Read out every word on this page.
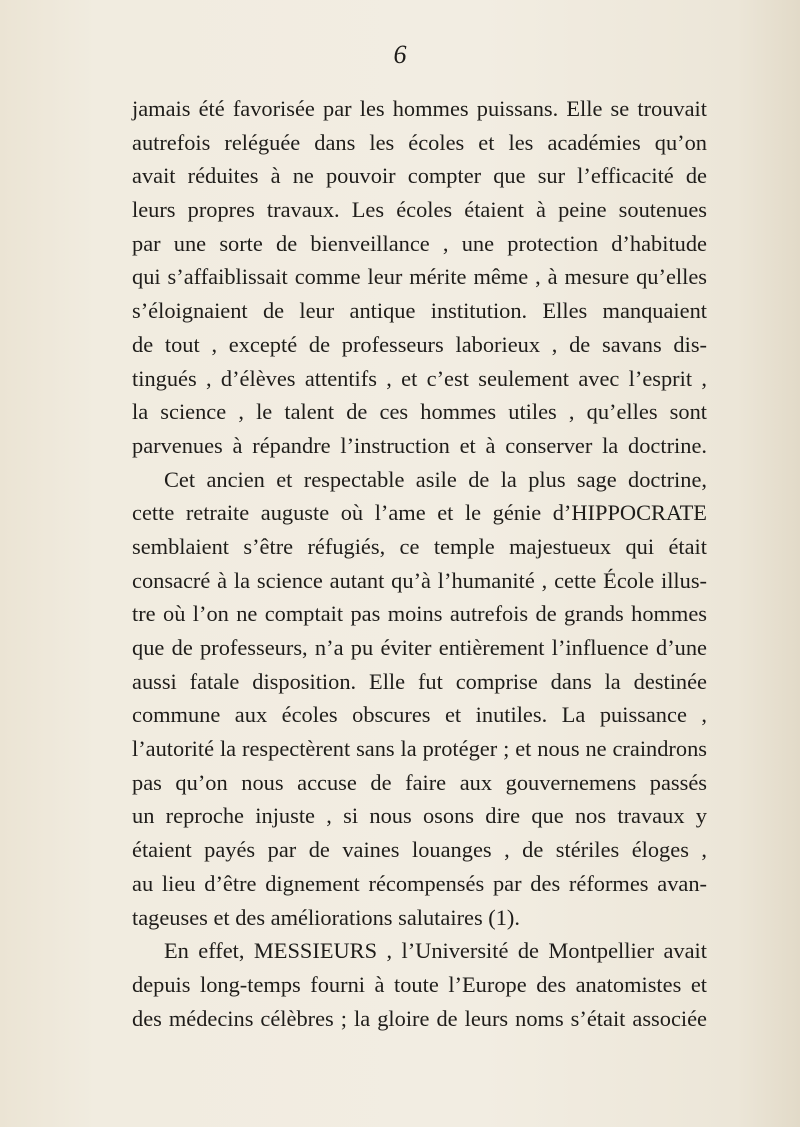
6
jamais été favorisée par les hommes puissans. Elle se trouvait
autrefois reléguée dans les écoles et les académies qu’on
avait réduites à ne pouvoir compter que sur l’efficacité de
leurs propres travaux. Les écoles étaient à peine soutenues
par une sorte de bienveillance , une protection d’habitude
qui s’affaiblissait comme leur mérite même , à mesure qu’elles
s’éloignaient de leur antique institution. Elles manquaient
de tout , excepté de professeurs laborieux , de savans dis-
tingués , d’élèves attentifs , et c’est seulement avec l’esprit ,
la science , le talent de ces hommes utiles , qu’elles sont
parvenues à répandre l’instruction et à conserver la doctrine.
Cet ancien et respectable asile de la plus sage doctrine,
cette retraite auguste où l’ame et le génie d’HIPPOCRATE
semblaient s’être réfugiés, ce temple majestueux qui était
consacré à la science autant qu’à l’humanité , cette École illus-
tre où l’on ne comptait pas moins autrefois de grands hommes
que de professeurs, n’a pu éviter entièrement l’influence d’une
aussi fatale disposition. Elle fut comprise dans la destinée
commune aux écoles obscures et inutiles. La puissance ,
l’autorité la respectèrent sans la protéger ; et nous ne craindrons
pas qu’on nous accuse de faire aux gouvernemens passés
un reproche injuste , si nous osons dire que nos travaux y
étaient payés par de vaines louanges , de stériles éloges ,
au lieu d’être dignement récompensés par des réformes avan-
tageuses et des améliorations salutaires (1).
En effet, MESSIEURS , l’Université de Montpellier avait
depuis long-temps fourni à toute l’Europe des anatomistes et
des médecins célèbres ; la gloire de leurs noms s’était associée
